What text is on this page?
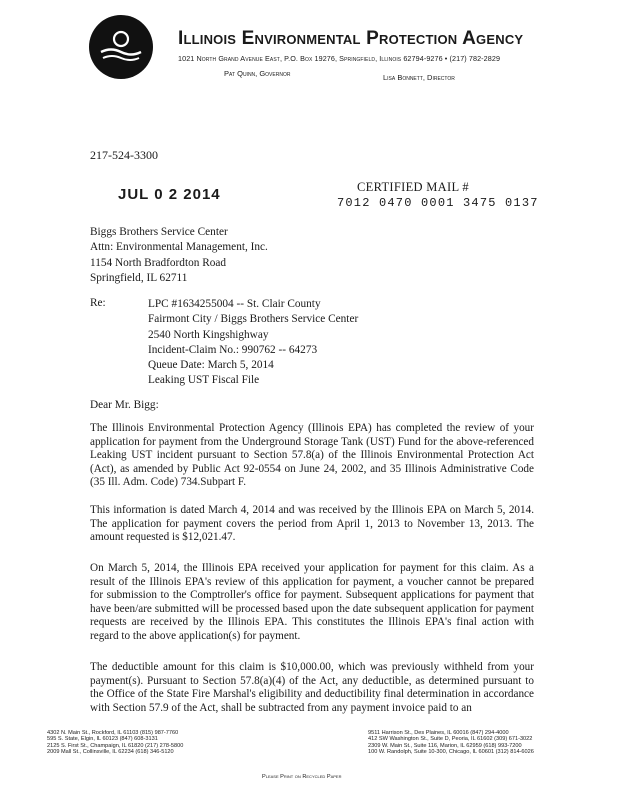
Illinois Environmental Protection Agency
1021 North Grand Avenue East, P.O. Box 19276, Springfield, Illinois 62794-9276 • (217) 782-2829
Pat Quinn, Governor	Lisa Bonnett, Director
217-524-3300
JUL 0 2 2014	CERTIFIED MAIL #
7012 0470 0001 3475 0137
Biggs Brothers Service Center
Attn: Environmental Management, Inc.
1154 North Bradfordton Road
Springfield, IL 62711
Re:	LPC #1634255004 -- St. Clair County
Fairmont City / Biggs Brothers Service Center
2540 North Kingshighway
Incident-Claim No.: 990762 -- 64273
Queue Date: March 5, 2014
Leaking UST Fiscal File
Dear Mr. Bigg:
The Illinois Environmental Protection Agency (Illinois EPA) has completed the review of your application for payment from the Underground Storage Tank (UST) Fund for the above-referenced Leaking UST incident pursuant to Section 57.8(a) of the Illinois Environmental Protection Act (Act), as amended by Public Act 92-0554 on June 24, 2002, and 35 Illinois Administrative Code (35 Ill. Adm. Code) 734.Subpart F.
This information is dated March 4, 2014 and was received by the Illinois EPA on March 5, 2014. The application for payment covers the period from April 1, 2013 to November 13, 2013. The amount requested is $12,021.47.
On March 5, 2014, the Illinois EPA received your application for payment for this claim. As a result of the Illinois EPA's review of this application for payment, a voucher cannot be prepared for submission to the Comptroller's office for payment. Subsequent applications for payment that have been/are submitted will be processed based upon the date subsequent application for payment requests are received by the Illinois EPA. This constitutes the Illinois EPA's final action with regard to the above application(s) for payment.
The deductible amount for this claim is $10,000.00, which was previously withheld from your payment(s). Pursuant to Section 57.8(a)(4) of the Act, any deductible, as determined pursuant to the Office of the State Fire Marshal's eligibility and deductibility final determination in accordance with Section 57.9 of the Act, shall be subtracted from any payment invoice paid to an
4302 N. Main St., Rockford, IL 61103 (815) 987-7760
595 S. State, Elgin, IL 60123 (847) 608-3131
2125 S. First St., Champaign, IL 61820 (217) 278-5800
2009 Mall St., Collinsville, IL 62234 (618) 346-5120
9511 Harrison St., Des Plaines, IL 60016 (847) 294-4000
412 SW Washington St., Suite D, Peoria, IL 61602 (309) 671-3022
2309 W. Main St., Suite 116, Marion, IL 62959 (618) 993-7200
100 W. Randolph, Suite 10-300, Chicago, IL 60601 (312) 814-6026
Please Print on Recycled Paper
